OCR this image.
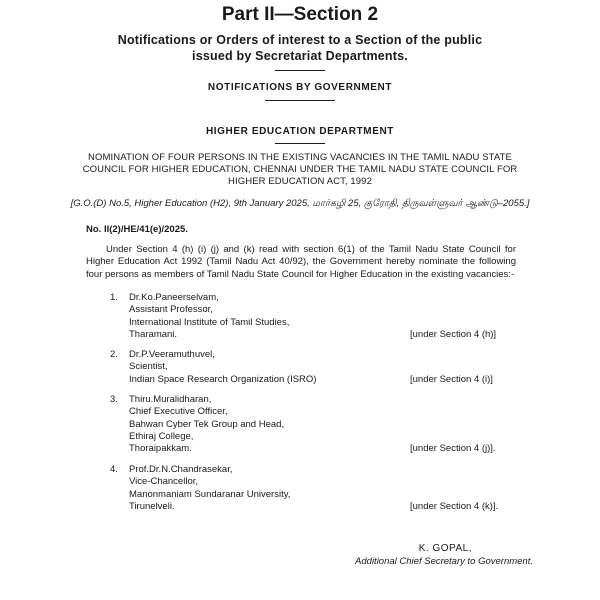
Part II—Section 2
Notifications or Orders of interest to a Section of the public
issued by Secretariat Departments.
NOTIFICATIONS BY GOVERNMENT
HIGHER EDUCATION DEPARTMENT
NOMINATION OF FOUR PERSONS IN THE EXISTING VACANCIES IN THE TAMIL NADU STATE COUNCIL FOR HIGHER EDUCATION, CHENNAI UNDER THE TAMIL NADU STATE COUNCIL FOR HIGHER EDUCATION ACT, 1992
[G.O.(D) No.5, Higher Education (H2), 9th January 2025, மார்கழி 25, குரோதி, திருவள்ளுவர் ஆண்டு–2055.]
No. II(2)/HE/41(e)/2025.
Under Section 4 (h) (i) (j) and (k) read with section 6(1) of the Tamil Nadu State Council for Higher Education Act 1992 (Tamil Nadu Act 40/92), the Government hereby nominate the following four persons as members of Tamil Nadu State Council for Higher Education in the existing vacancies:-
1. Dr.Ko.Paneerselvam,
Assistant Professor,
International Institute of Tamil Studies,
Tharamani.	[under Section 4 (h)]
2. Dr.P.Veeramuthuvel,
Scientist,
Indian Space Research Organization (ISRO)	[under Section 4 (i)]
3. Thiru.Muralidharan,
Chief Executive Officer,
Bahwan Cyber Tek Group and Head,
Ethiraj College,
Thoraipakkam.	[under Section 4 (j)].
4. Prof.Dr.N.Chandrasekar,
Vice-Chancellor,
Manonmaniam Sundaranar University,
Tirunelveli.	[under Section 4 (k)].
K. GOPAL,
Additional Chief Secretary to Government.
